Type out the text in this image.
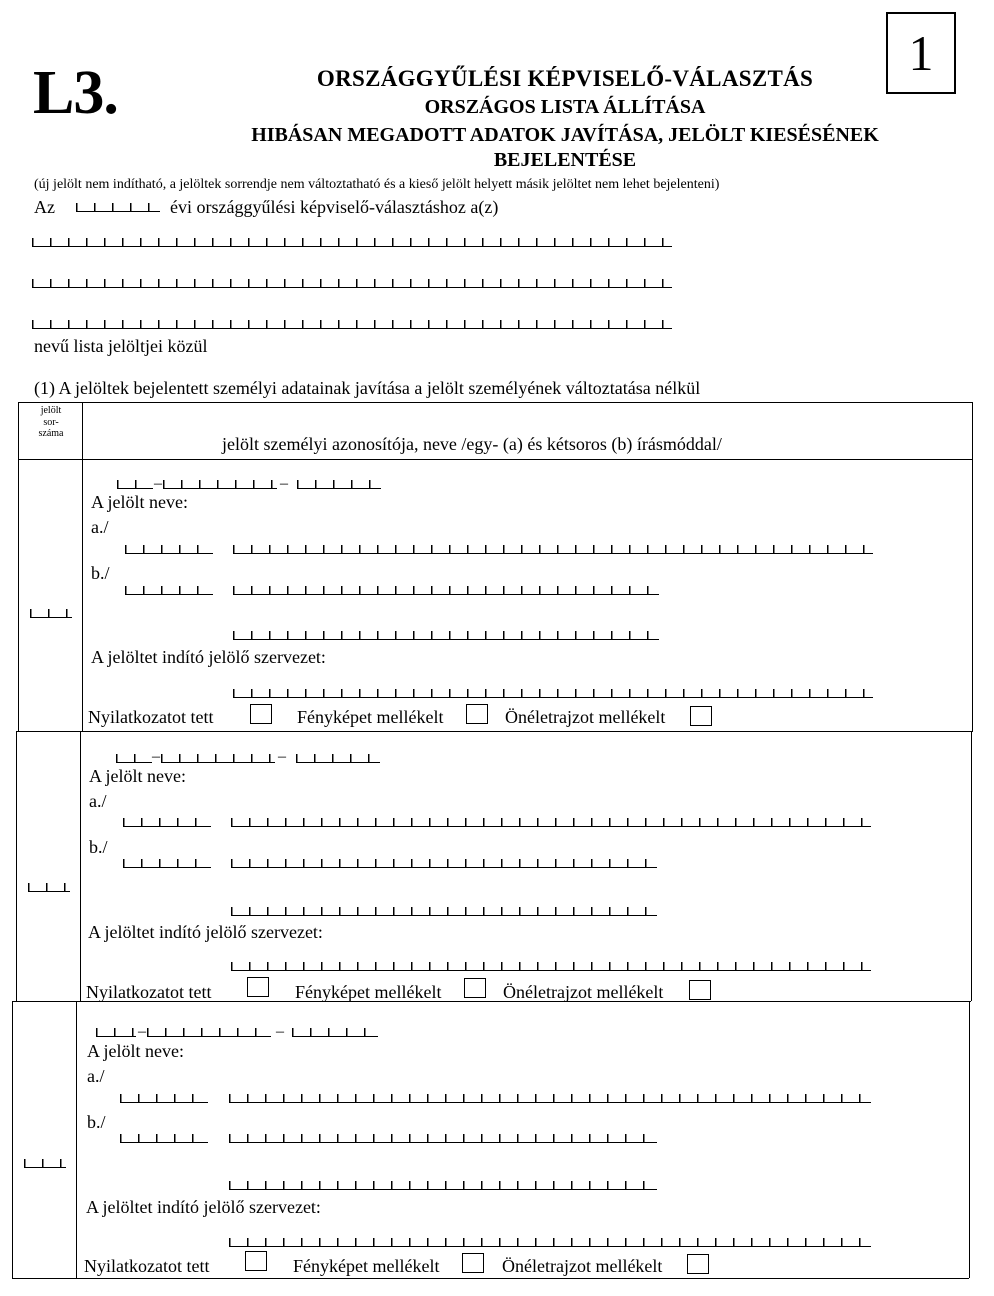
L3.
1
ORSZÁGGYŰLÉSI KÉPVISELŐ-VÁLASZTÁS
ORSZÁGOS LISTA ÁLLÍTÁSA
HIBÁSAN MEGADOTT ADATOK JAVÍTÁSA, JELÖLT KIESÉSÉNEK
BEJELENTÉSE
(új jelölt nem indítható, a jelöltek sorrendje nem változtatható és a kieső jelölt helyett másik jelöltet nem lehet bejelenteni)
Az	évi országgyűlési képviselő-választáshoz a(z)
nevű lista jelöltjei közül
(1) A jelöltek bejelentett személyi adatainak javítása a jelölt személyének változtatása nélkül
jelölt
sor-
száma
jelölt személyi azonosítója, neve /egy- (a) és kétsoros (b) írásmóddal/
–	–
A jelölt neve:
a./
b./
A jelöltet indító jelölő szervezet:
Nyilatkozatot tett	Fényképet mellékelt	Önéletrajzot mellékelt
–	–
A jelölt neve:
a./
b./
A jelöltet indító jelölő szervezet:
Nyilatkozatot tett	Fényképet mellékelt	Önéletrajzot mellékelt
–	–
A jelölt neve:
a./
b./
A jelöltet indító jelölő szervezet:
Nyilatkozatot tett	Fényképet mellékelt	Önéletrajzot mellékelt
